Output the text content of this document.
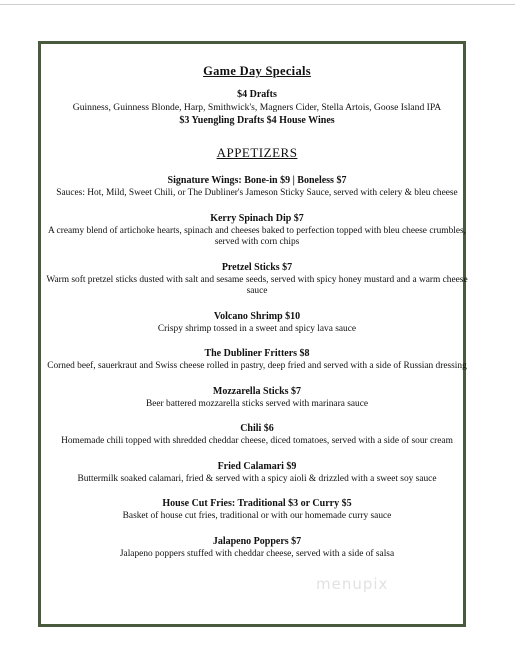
Game Day Specials
$4 Drafts
Guinness, Guinness Blonde, Harp, Smithwick's, Magners Cider, Stella Artois, Goose Island IPA
$3 Yuengling Drafts $4 House Wines
APPETIZERS
Signature Wings: Bone-in $9 | Boneless $7
Sauces: Hot, Mild, Sweet Chili, or The Dubliner's Jameson Sticky Sauce, served with celery & bleu cheese
Kerry Spinach Dip $7
A creamy blend of artichoke hearts, spinach and cheeses baked to perfection topped with bleu cheese crumbles, served with corn chips
Pretzel Sticks $7
Warm soft pretzel sticks dusted with salt and sesame seeds, served with spicy honey mustard and a warm cheese sauce
Volcano Shrimp $10
Crispy shrimp tossed in a sweet and spicy lava sauce
The Dubliner Fritters $8
Corned beef, sauerkraut and Swiss cheese rolled in pastry, deep fried and served with a side of Russian dressing
Mozzarella Sticks $7
Beer battered mozzarella sticks served with marinara sauce
Chili $6
Homemade chili topped with shredded cheddar cheese, diced tomatoes, served with a side of sour cream
Fried Calamari $9
Buttermilk soaked calamari, fried & served with a spicy aioli & drizzled with a sweet soy sauce
House Cut Fries: Traditional $3 or Curry $5
Basket of house cut fries, traditional or with our homemade curry sauce
Jalapeno Poppers $7
Jalapeno poppers stuffed with cheddar cheese, served with a side of salsa
menupix
